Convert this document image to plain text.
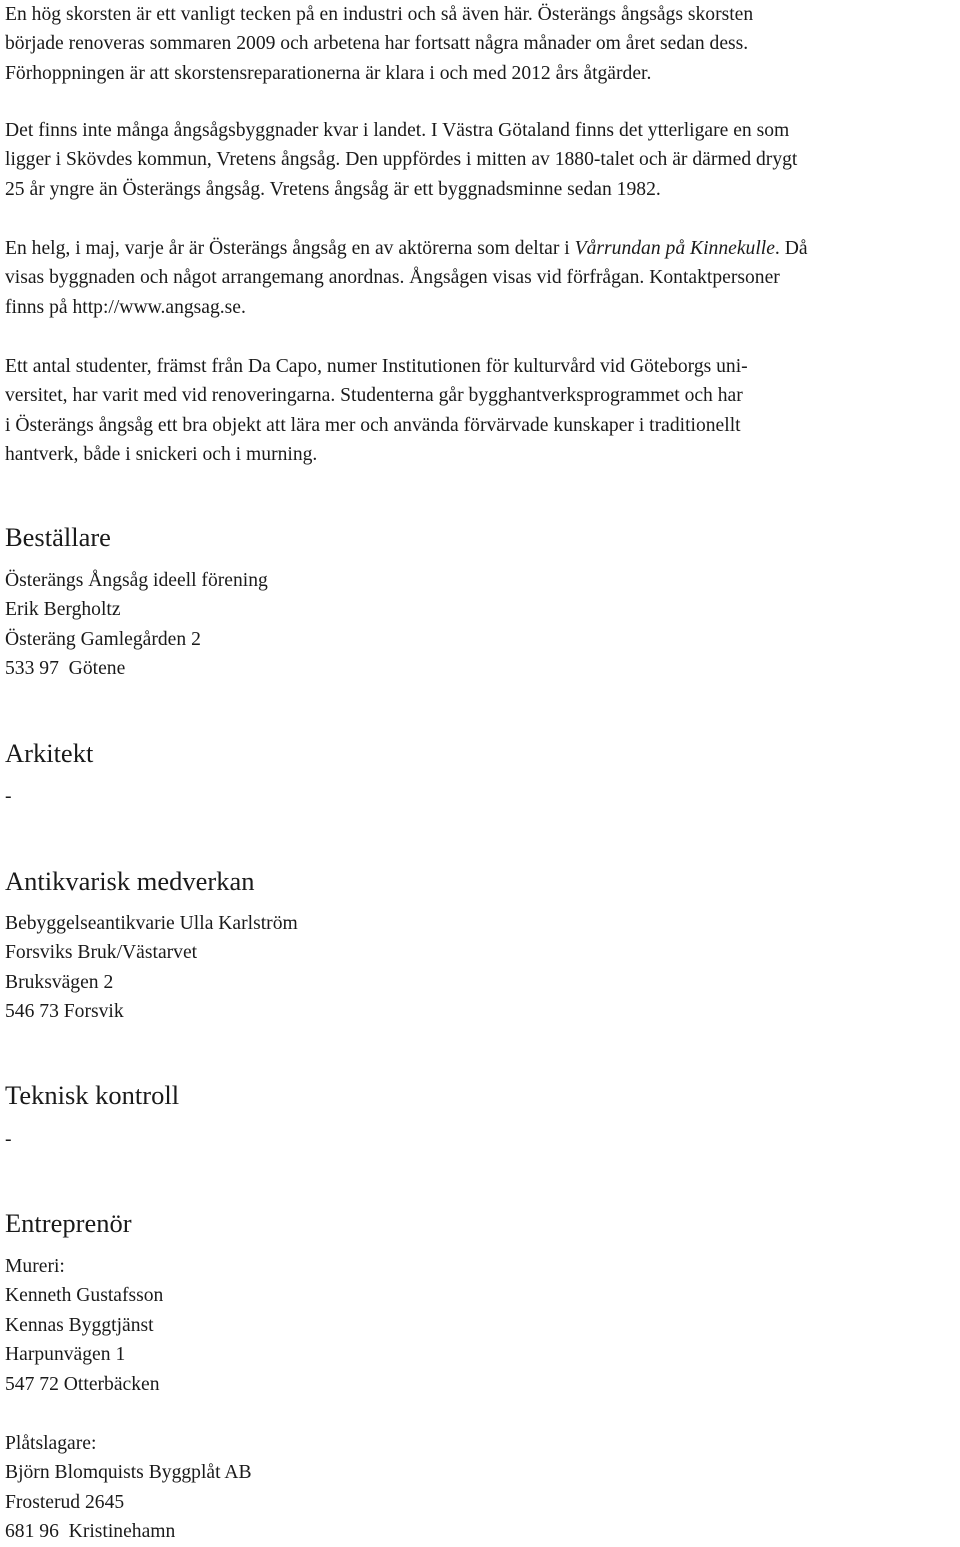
En hög skorsten är ett vanligt tecken på en industri och så även här. Österängs ångsågs skorsten
började renoveras sommaren 2009 och arbetena har fortsatt några månader om året sedan dess.
Förhoppningen är att skorstensreparationerna är klara i och med 2012 års åtgärder.

Det finns inte många ångsågsbyggnader kvar i landet. I Västra Götaland finns det ytterligare en som
ligger i Skövdes kommun, Vretens ångsåg. Den uppfördes i mitten av 1880-talet och är därmed drygt
25 år yngre än Österängs ångsåg. Vretens ångsåg är ett byggnadsminne sedan 1982.

En helg, i maj, varje år är Österängs ångsåg en av aktörerna som deltar i Vårrundan på Kinnekulle. Då
visas byggnaden och något arrangemang anordnas. Ångsågen visas vid förfrågan. Kontaktpersoner
finns på http://www.angsag.se.

Ett antal studenter, främst från Da Capo, numer Institutionen för kulturvård vid Göteborgs uni-
versitet, har varit med vid renoveringarna. Studenterna går bygghantverksprogrammet och har
i Österängs ångsåg ett bra objekt att lära mer och använda förvärvade kunskaper i traditionellt
hantverk, både i snickeri och i murning.

Beställare

Österängs Ångsåg ideell förening
Erik Bergholtz
Österäng Gamlegården 2
533 97  Götene

Arkitekt

-

Antikvarisk medverkan

Bebyggelseantikvarie Ulla Karlström
Forsviks Bruk/Västarvet
Bruksvägen 2
546 73 Forsvik

Teknisk kontroll

-

Entreprenör

Mureri:
Kenneth Gustafsson
Kennas Byggtjänst
Harpunvägen 1
547 72 Otterbäcken

Plåtslagare:
Björn Blomquists Byggplåt AB
Frosterud 2645
681 96  Kristinehamn
